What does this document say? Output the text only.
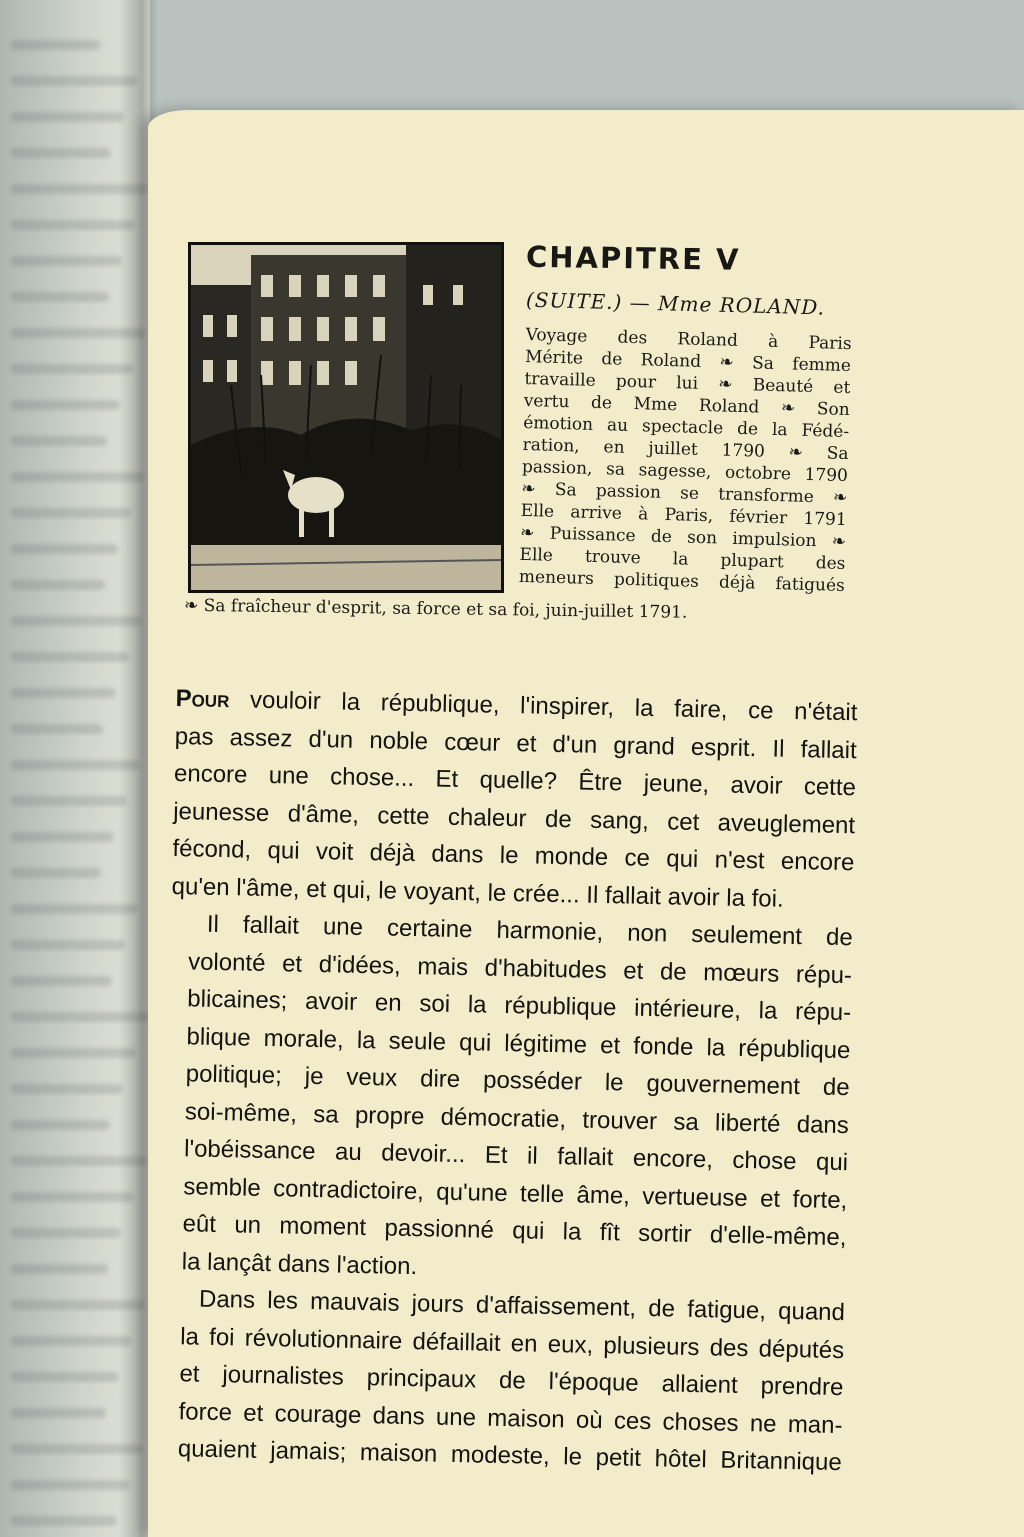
CHAPITRE V
(SUITE.) — Mme ROLAND.
Voyage des Roland à Paris
Mérite de Roland ❧ Sa femme
travaille pour lui ❧ Beauté et
vertu de Mme Roland ❧ Son
émotion au spectacle de la Fédé-
ration, en juillet 1790 ❧ Sa
passion, sa sagesse, octobre 1790
❧ Sa passion se transforme ❧
Elle arrive à Paris, février 1791
❧ Puissance de son impulsion ❧
Elle trouve la plupart des
meneurs politiques déjà fatigués
❧ Sa fraîcheur d'esprit, sa force et sa foi, juin-juillet 1791.

Pour vouloir la république, l'inspirer, la faire, ce n'était
pas assez d'un noble cœur et d'un grand esprit. Il fallait
encore une chose... Et quelle? Être jeune, avoir cette
jeunesse d'âme, cette chaleur de sang, cet aveuglement
fécond, qui voit déjà dans le monde ce qui n'est encore
qu'en l'âme, et qui, le voyant, le crée... Il fallait avoir la foi.

Il fallait une certaine harmonie, non seulement de
volonté et d'idées, mais d'habitudes et de mœurs répu-
blicaines; avoir en soi la république intérieure, la répu-
blique morale, la seule qui légitime et fonde la république
politique; je veux dire posséder le gouvernement de
soi-même, sa propre démocratie, trouver sa liberté dans
l'obéissance au devoir... Et il fallait encore, chose qui
semble contradictoire, qu'une telle âme, vertueuse et forte,
eût un moment passionné qui la fît sortir d'elle-même,
la lançât dans l'action.

Dans les mauvais jours d'affaissement, de fatigue, quand
la foi révolutionnaire défaillait en eux, plusieurs des députés
et journalistes principaux de l'époque allaient prendre
force et courage dans une maison où ces choses ne man-
quaient jamais; maison modeste, le petit hôtel Britannique
